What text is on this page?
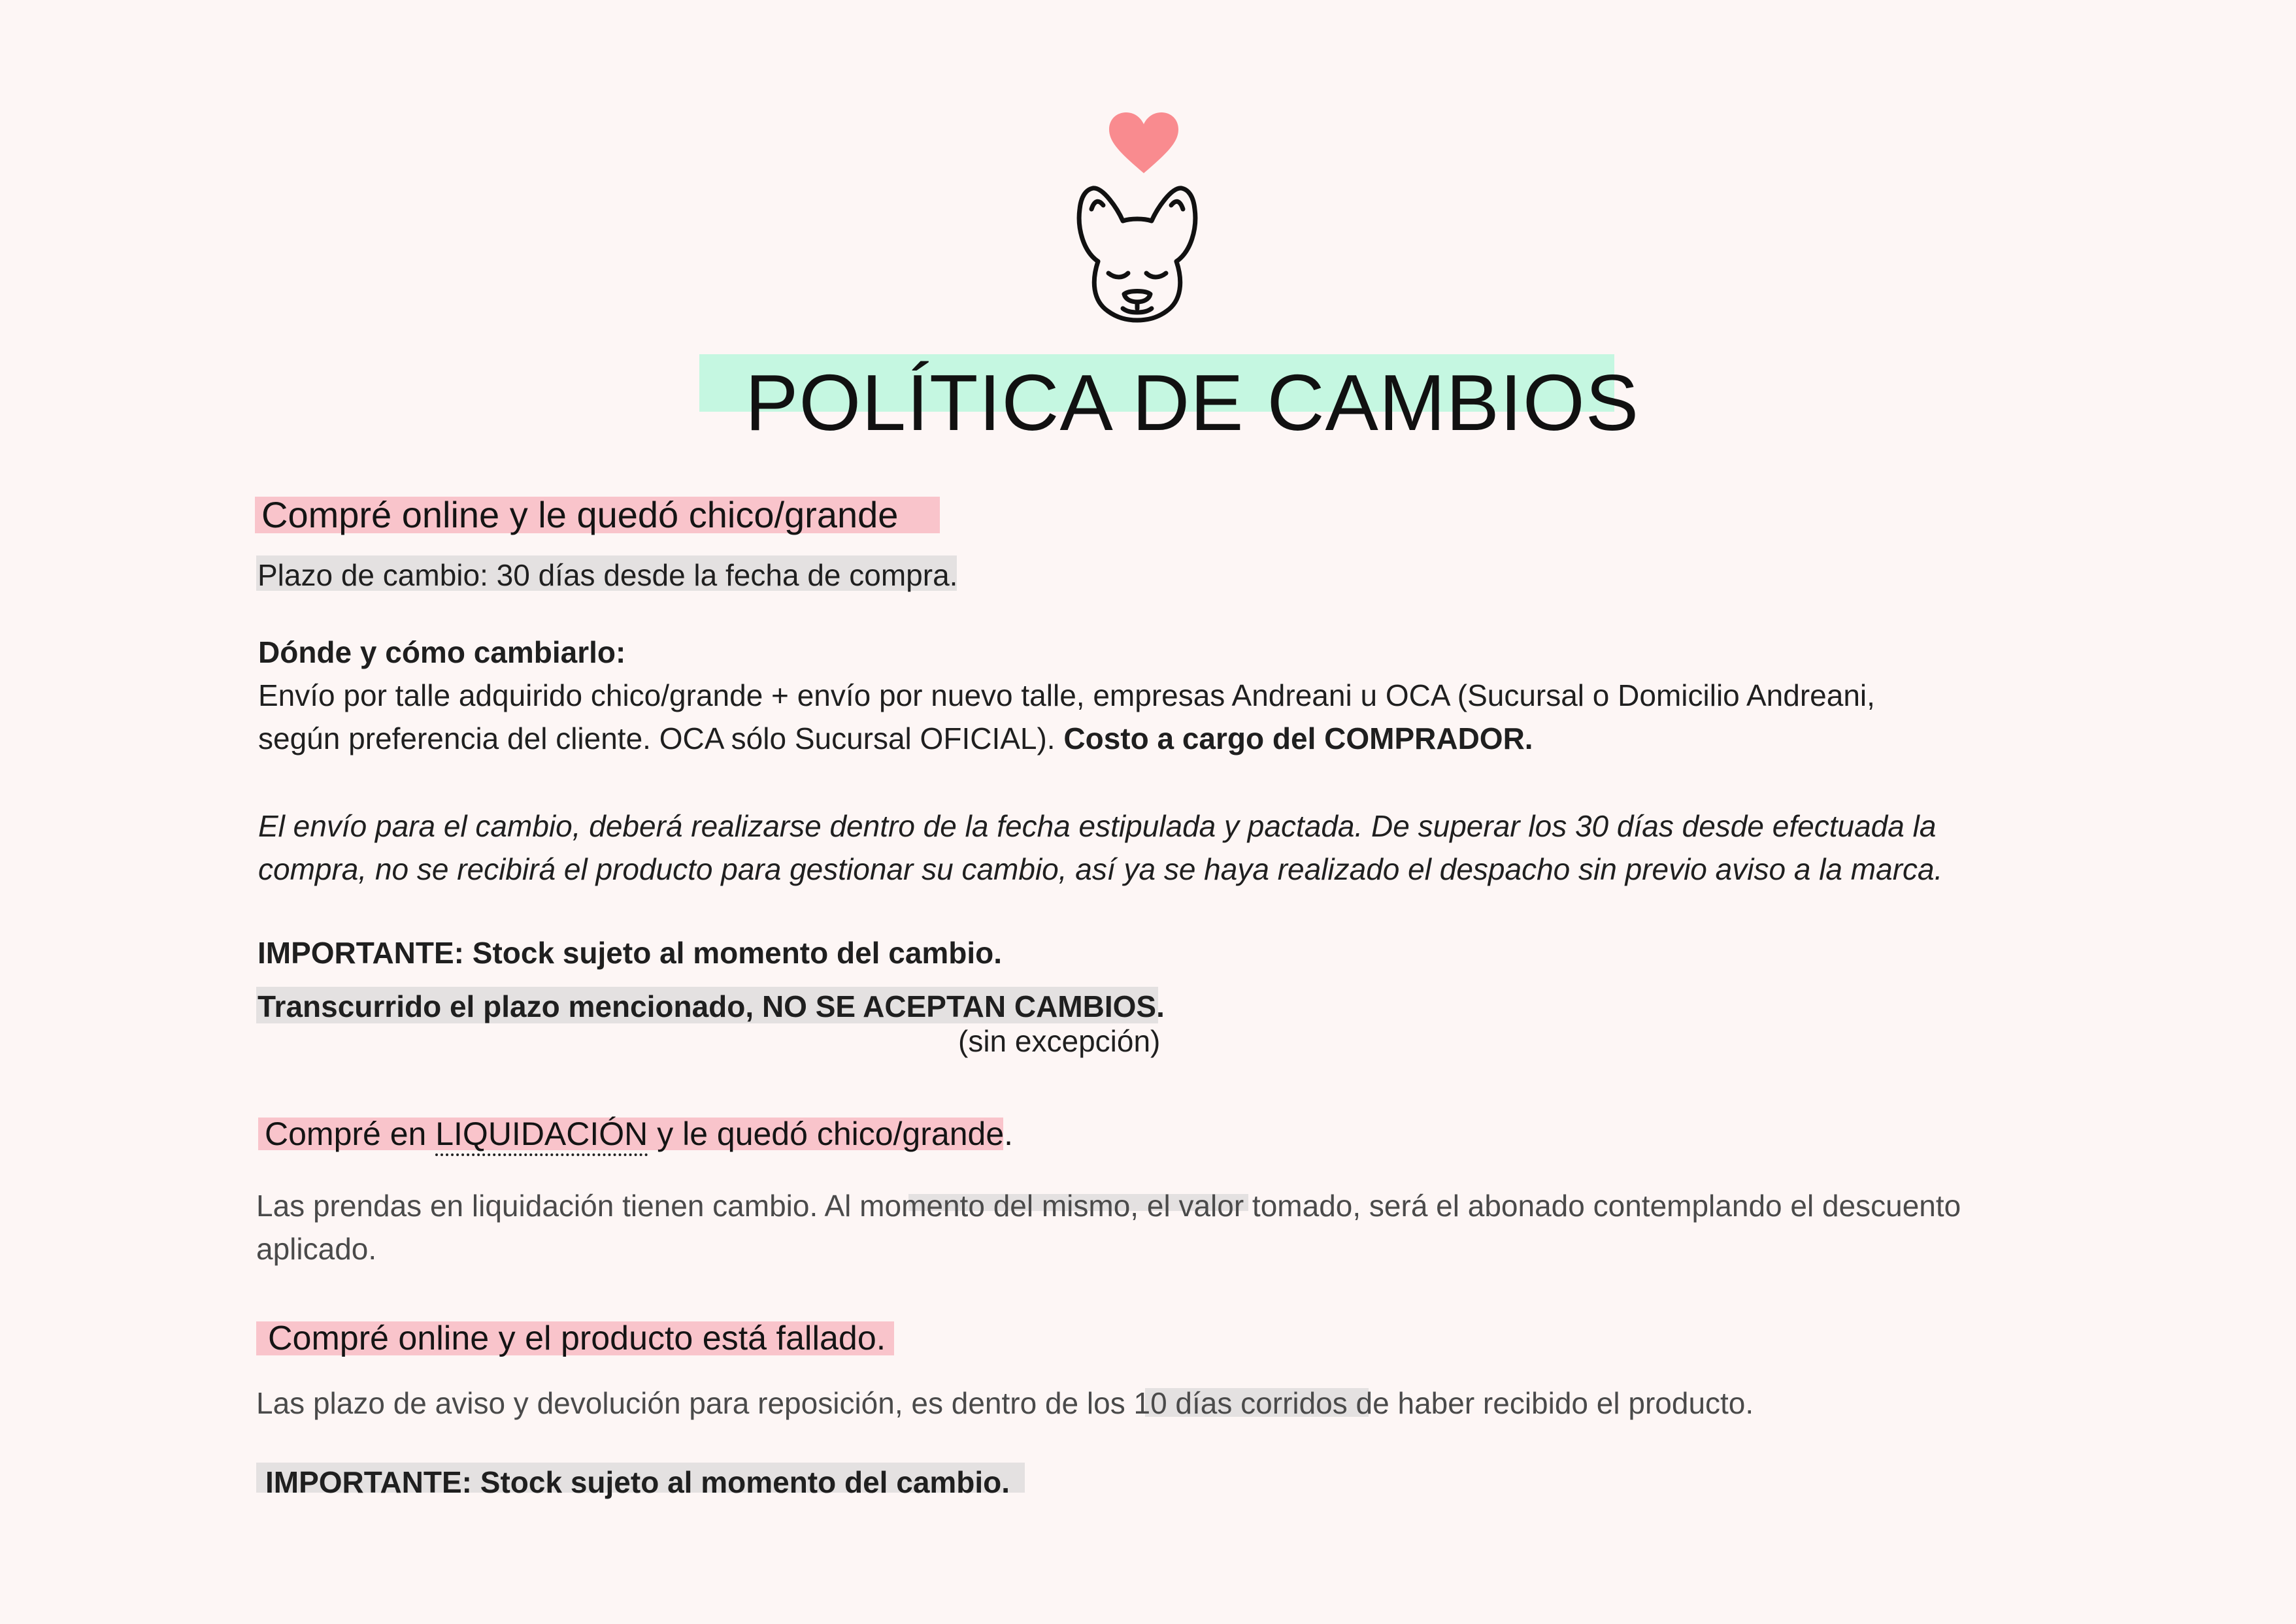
POLÍTICA DE CAMBIOS
Compré online y le quedó chico/grande
Plazo de cambio: 30 días desde la fecha de compra.
Dónde y cómo cambiarlo:
Envío por talle adquirido chico/grande + envío por nuevo talle, empresas Andreani u OCA (Sucursal o Domicilio Andreani,
según preferencia del cliente. OCA sólo Sucursal OFICIAL). Costo a cargo del COMPRADOR.
El envío para el cambio, deberá realizarse dentro de la fecha estipulada y pactada. De superar los 30 días desde efectuada la
compra, no se recibirá el producto para gestionar su cambio, así ya se haya realizado el despacho sin previo aviso a la marca.
IMPORTANTE: Stock sujeto al momento del cambio.
Transcurrido el plazo mencionado, NO SE ACEPTAN CAMBIOS.
(sin excepción)
Compré en LIQUIDACIÓN y le quedó chico/grande.
Las prendas en liquidación tienen cambio. Al momento del mismo, el valor tomado, será el abonado contemplando el descuento
aplicado.
Compré online y el producto está fallado.
Las plazo de aviso y devolución para reposición, es dentro de los 10 días corridos de haber recibido el producto.
IMPORTANTE: Stock sujeto al momento del cambio.
